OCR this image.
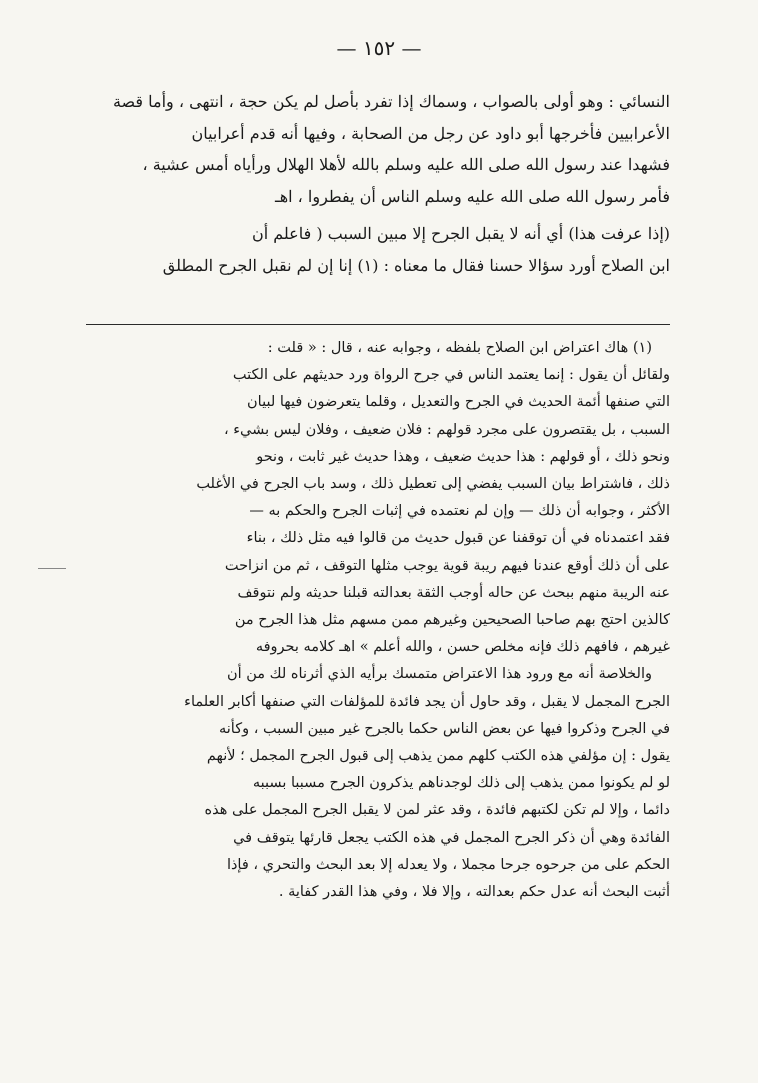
— ١٥٢ —
النسائي : وهو أولى بالصواب ، وسماك إذا تفرد بأصل لم يكن حجة ، انتهى ، وأما قصة
الأعرابيين فأخرجها أبو داود عن رجل من الصحابة ، وفيها أنه قدم أعرابيان
فشهدا عند رسول الله صلى الله عليه وسلم بالله لأهلا الهلال ورأياه أمس عشية ،
فأمر رسول الله صلى الله عليه وسلم الناس أن يفطروا ، اهـ
(إذا عرفت هذا) أي أنه لا يقبل الجرح إلا مبين السبب ( فاعلم أن
ابن الصلاح أورد سؤالا حسنا فقال ما معناه : (١) إنا إن لم نقبل الجرح المطلق
(١) هاك اعتراض ابن الصلاح بلفظه ، وجوابه عنه ، قال : « قلت :
ولقائل أن يقول : إنما يعتمد الناس في جرح الرواة ورد حديثهم على الكتب
التي صنفها أئمة الحديث في الجرح والتعديل ، وقلما يتعرضون فيها لبيان
السبب ، بل يقتصرون على مجرد قولهم : فلان ضعيف ، وفلان ليس بشيء ،
ونحو ذلك ، أو قولهم : هذا حديث ضعيف ، وهذا حديث غير ثابت ، ونحو
ذلك ، فاشتراط بيان السبب يفضي إلى تعطيل ذلك ، وسد باب الجرح في الأغلب
الأكثر ، وجوابه أن ذلك — وإن لم نعتمده في إثبات الجرح والحكم به —
فقد اعتمدناه في أن توقفنا عن قبول حديث من قالوا فيه مثل ذلك ، بناء
على أن ذلك أوقع عندنا فيهم ريبة قوية يوجب مثلها التوقف ، ثم من انزاحت
عنه الريبة منهم ببحث عن حاله أوجب الثقة بعدالته قبلنا حديثه ولم نتوقف
كالذين احتج بهم صاحبا الصحيحين وغيرهم ممن مسهم مثل هذا الجرح من
غيرهم ، فافهم ذلك فإنه مخلص حسن ، والله أعلم » اهـ كلامه بحروفه
والخلاصة أنه مع ورود هذا الاعتراض متمسك برأيه الذي أثرناه لك من أن
الجرح المجمل لا يقبل ، وقد حاول أن يجد فائدة للمؤلفات التي صنفها أكابر العلماء
في الجرح وذكروا فيها عن بعض الناس حكما بالجرح غير مبين السبب ، وكأنه
يقول : إن مؤلفي هذه الكتب كلهم ممن يذهب إلى قبول الجرح المجمل ؛ لأنهم
لو لم يكونوا ممن يذهب إلى ذلك لوجدناهم يذكرون الجرح مسببا بسببه
دائما ، وإلا لم تكن لكتبهم فائدة ، وقد عثر لمن لا يقبل الجرح المجمل على هذه
الفائدة وهي أن ذكر الجرح المجمل في هذه الكتب يجعل قارئها يتوقف في
الحكم على من جرحوه جرحا مجملا ، ولا يعدله إلا بعد البحث والتحري ، فإذا
أثبت البحث أنه عدل حكم بعدالته ، وإلا فلا ، وفي هذا القدر كفاية .
